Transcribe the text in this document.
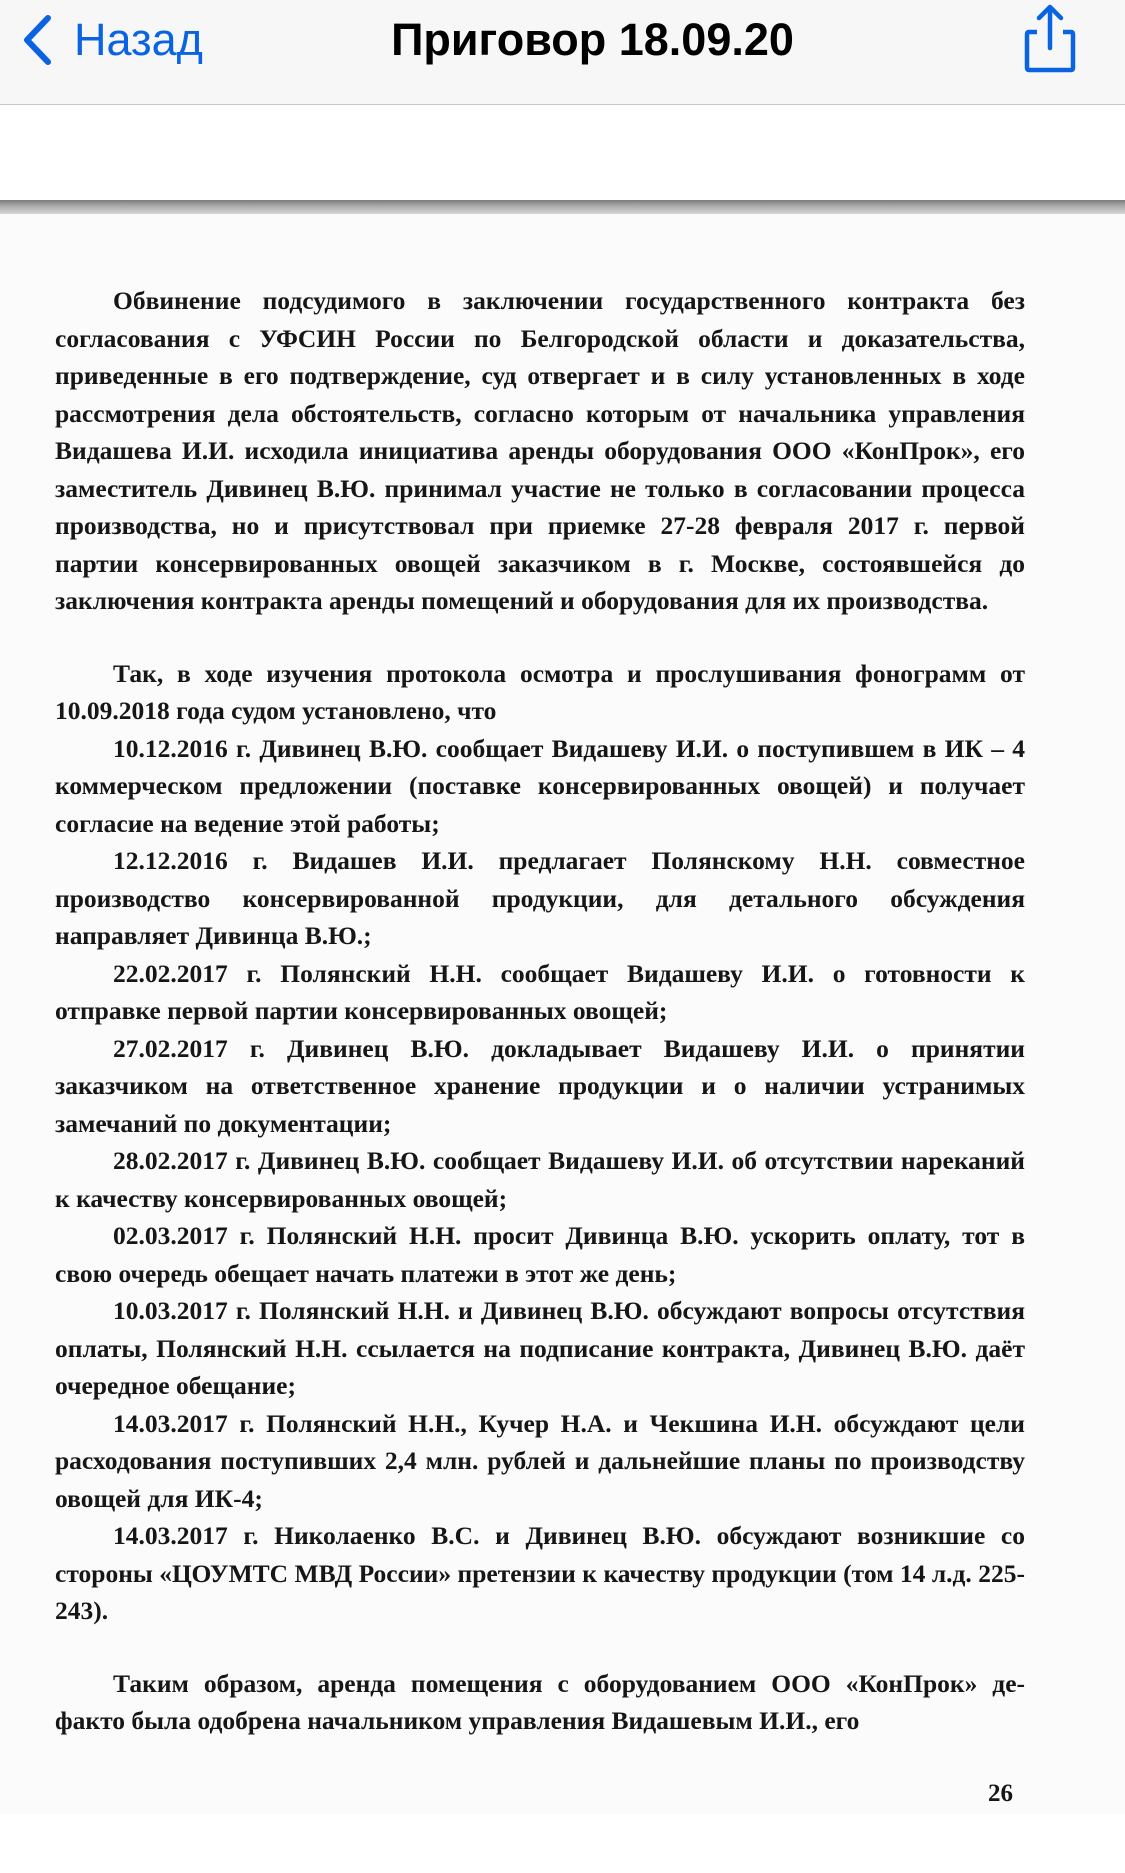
Назад	Приговор 18.09.20

Обвинение подсудимого в заключении государственного контракта без согласования с УФСИН России по Белгородской области и доказательства, приведенные в его подтверждение, суд отвергает и в силу установленных в ходе рассмотрения дела обстоятельств, согласно которым от начальника управления Видашева И.И. исходила инициатива аренды оборудования ООО «КонПрок», его заместитель Дивинец В.Ю. принимал участие не только в согласовании процесса производства, но и присутствовал при приемке 27-28 февраля 2017 г. первой партии консервированных овощей заказчиком в г. Москве, состоявшейся до заключения контракта аренды помещений и оборудования для их производства.

Так, в ходе изучения протокола осмотра и прослушивания фонограмм от 10.09.2018 года судом установлено, что

10.12.2016 г. Дивинец В.Ю. сообщает Видашеву И.И. о поступившем в ИК – 4 коммерческом предложении (поставке консервированных овощей) и получает согласие на ведение этой работы;

12.12.2016 г. Видашев И.И. предлагает Полянскому Н.Н. совместное производство консервированной продукции, для детального обсуждения направляет Дивинца В.Ю.;

22.02.2017 г. Полянский Н.Н. сообщает Видашеву И.И. о готовности к отправке первой партии консервированных овощей;

27.02.2017 г. Дивинец В.Ю. докладывает Видашеву И.И. о принятии заказчиком на ответственное хранение продукции и о наличии устранимых замечаний по документации;

28.02.2017 г. Дивинец В.Ю. сообщает Видашеву И.И. об отсутствии нареканий к качеству консервированных овощей;

02.03.2017 г. Полянский Н.Н. просит Дивинца В.Ю. ускорить оплату, тот в свою очередь обещает начать платежи в этот же день;

10.03.2017 г. Полянский Н.Н. и Дивинец В.Ю. обсуждают вопросы отсутствия оплаты, Полянский Н.Н. ссылается на подписание контракта, Дивинец В.Ю. даёт очередное обещание;

14.03.2017 г. Полянский Н.Н., Кучер Н.А. и Чекшина И.Н. обсуждают цели расходования поступивших 2,4 млн. рублей и дальнейшие планы по производству овощей для ИК-4;

14.03.2017 г. Николаенко В.С. и Дивинец В.Ю. обсуждают возникшие со стороны «ЦОУМТС МВД России» претензии к качеству продукции (том 14 л.д. 225-243).

Таким образом, аренда помещения с оборудованием ООО «КонПрок» де-факто была одобрена начальником управления Видашевым И.И., его

26
